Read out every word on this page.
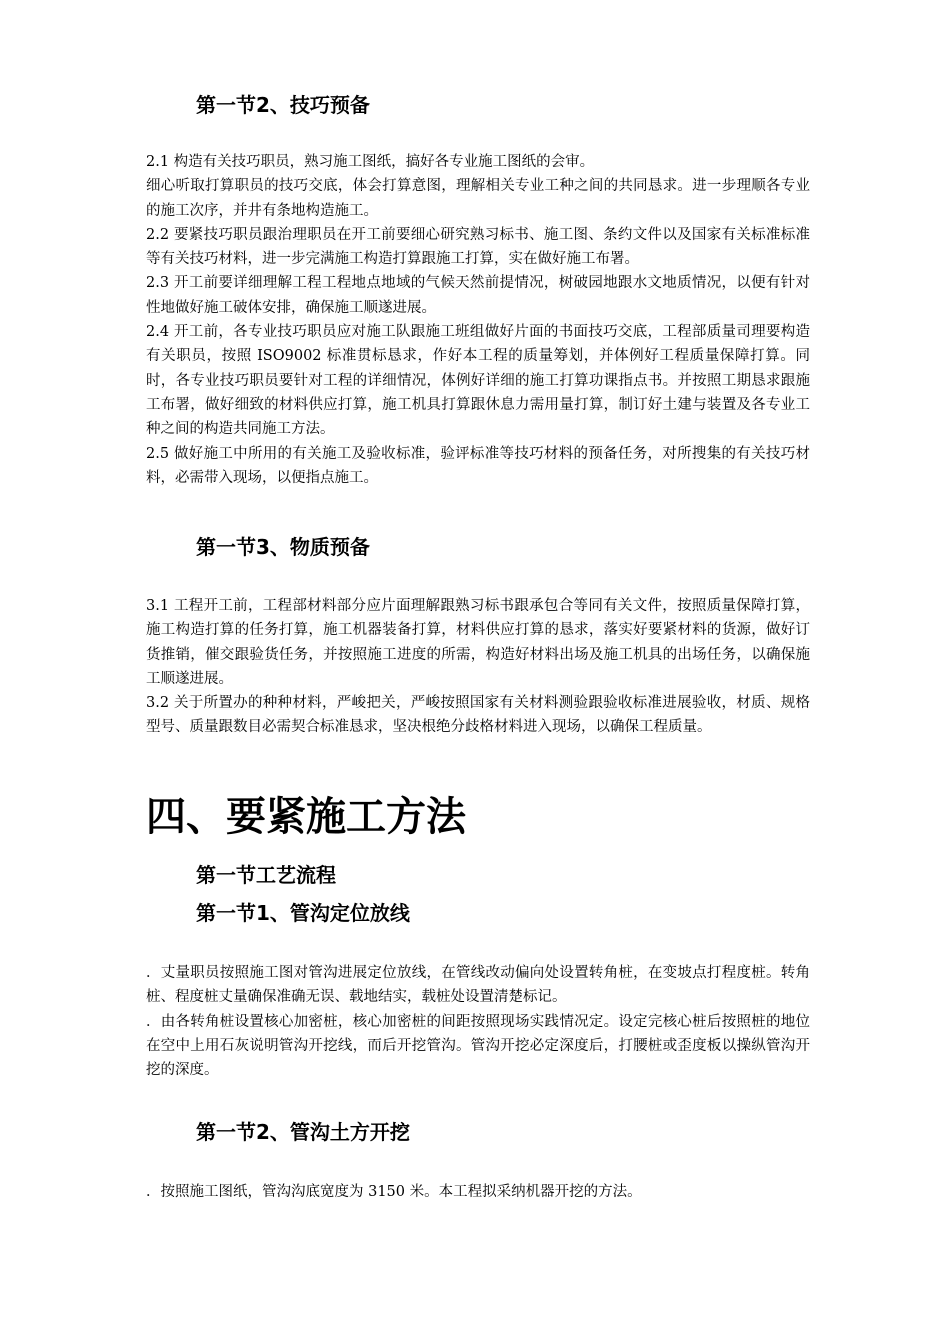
第一节2、技巧预备

2.1 构造有关技巧职员，熟习施工图纸，搞好各专业施工图纸的会审。

细心听取打算职员的技巧交底，体会打算意图，理解相关专业工种之间的共同恳求。进一步理顺各专业的施工次序，并井有条地构造施工。

2.2 要紧技巧职员跟治理职员在开工前要细心研究熟习标书、施工图、条约文件以及国家有关标准标准等有关技巧材料，进一步完满施工构造打算跟施工打算，实在做好施工布署。

2.3 开工前要详细理解工程工程地点地域的气候天然前提情况，树破园地跟水文地质情况，以便有针对性地做好施工破体安排，确保施工顺遂进展。

2.4 开工前，各专业技巧职员应对施工队跟施工班组做好片面的书面技巧交底，工程部质量司理要构造有关职员，按照 ISO9002 标准贯标恳求，作好本工程的质量筹划，并体例好工程质量保障打算。同时，各专业技巧职员要针对工程的详细情况，体例好详细的施工打算功课指点书。并按照工期恳求跟施工布署，做好细致的材料供应打算，施工机具打算跟休息力需用量打算，制订好土建与装置及各专业工种之间的构造共同施工方法。

2.5 做好施工中所用的有关施工及验收标准，验评标准等技巧材料的预备任务，对所搜集的有关技巧材料，必需带入现场，以便指点施工。

第一节3、物质预备

3.1 工程开工前，工程部材料部分应片面理解跟熟习标书跟承包合等同有关文件，按照质量保障打算，施工构造打算的任务打算，施工机器装备打算，材料供应打算的恳求，落实好要紧材料的货源，做好订货推销，催交跟验货任务，并按照施工进度的所需，构造好材料出场及施工机具的出场任务，以确保施工顺遂进展。

3.2 关于所置办的种种材料，严峻把关，严峻按照国家有关材料测验跟验收标准进展验收，材质、规格型号、质量跟数目必需契合标准恳求，坚决根绝分歧格材料进入现场，以确保工程质量。

四、要紧施工方法
第一节工艺流程
第一节1、管沟定位放线

．丈量职员按照施工图对管沟进展定位放线，在管线改动偏向处设置转角桩，在变坡点打程度桩。转角桩、程度桩丈量确保准确无误、载地结实，载桩处设置清楚标记。

．由各转角桩设置核心加密桩，核心加密桩的间距按照现场实践情况定。设定完核心桩后按照桩的地位在空中上用石灰说明管沟开挖线，而后开挖管沟。管沟开挖必定深度后，打腰桩或歪度板以操纵管沟开挖的深度。

第一节2、管沟土方开挖

．按照施工图纸，管沟沟底宽度为 3150 米。本工程拟采纳机器开挖的方法。
